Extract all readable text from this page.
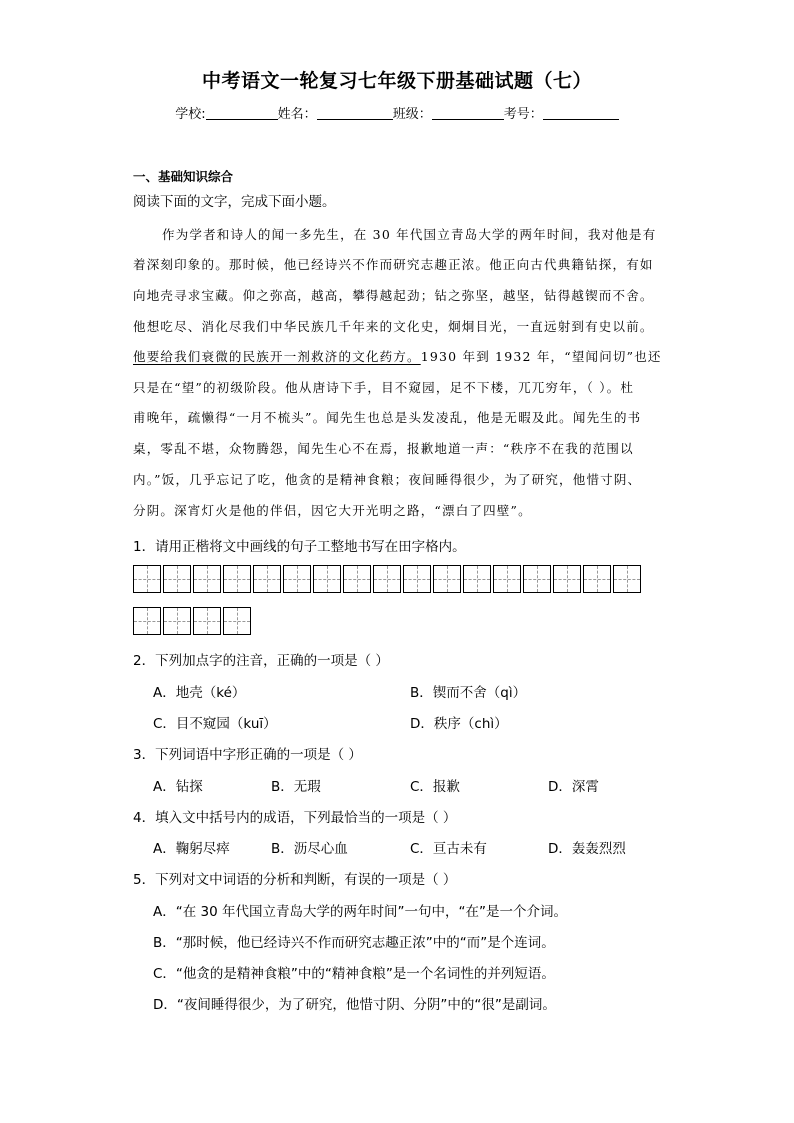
中考语文一轮复习七年级下册基础试题（七）
学校:	姓名：	班级：	考号：
一、基础知识综合
阅读下面的文字，完成下面小题。
作为学者和诗人的闻一多先生，在 30 年代国立青岛大学的两年时间，我对他是有
着深刻印象的。那时候，他已经诗兴不作而研究志趣正浓。他正向古代典籍钻探，有如
向地壳寻求宝藏。仰之弥高，越高，攀得越起劲；钻之弥坚，越坚，钻得越锲而不舍。
他想吃尽、消化尽我们中华民族几千年来的文化史，炯炯目光，一直远射到有史以前。
他要给我们衰微的民族开一剂救济的文化药方。1930 年到 1932 年，“望闻问切”也还
只是在“望”的初级阶段。他从唐诗下手，目不窥园，足不下楼，兀兀穷年，（ ）。杜
甫晚年，疏懒得“一月不梳头”。闻先生也总是头发凌乱，他是无暇及此。闻先生的书
桌，零乱不堪，众物腾怨，闻先生心不在焉，报歉地道一声：“秩序不在我的范围以
内。”饭，几乎忘记了吃，他贪的是精神食粮；夜间睡得很少，为了研究，他惜寸阴、
分阴。深宵灯火是他的伴侣，因它大开光明之路，“漂白了四壁”。
1．请用正楷将文中画线的句子工整地书写在田字格内。
2．下列加点字的注音，正确的一项是（ ）
A．地壳（ké）	B．锲而不舍（qì）
C．目不窥园（kuī）	D．秩序（chì）
3．下列词语中字形正确的一项是（ ）
A．钻探	B．无瑕	C．报歉	D．深霄
4．填入文中括号内的成语，下列最恰当的一项是（ ）
A．鞠躬尽瘁	B．沥尽心血	C．亘古未有	D．轰轰烈烈
5．下列对文中词语的分析和判断，有误的一项是（ ）
A．“在 30 年代国立青岛大学的两年时间”一句中，“在”是一个介词。
B．“那时候，他已经诗兴不作而研究志趣正浓”中的“而”是个连词。
C．“他贪的是精神食粮”中的“精神食粮”是一个名词性的并列短语。
D．“夜间睡得很少，为了研究，他惜寸阴、分阴”中的“很”是副词。
